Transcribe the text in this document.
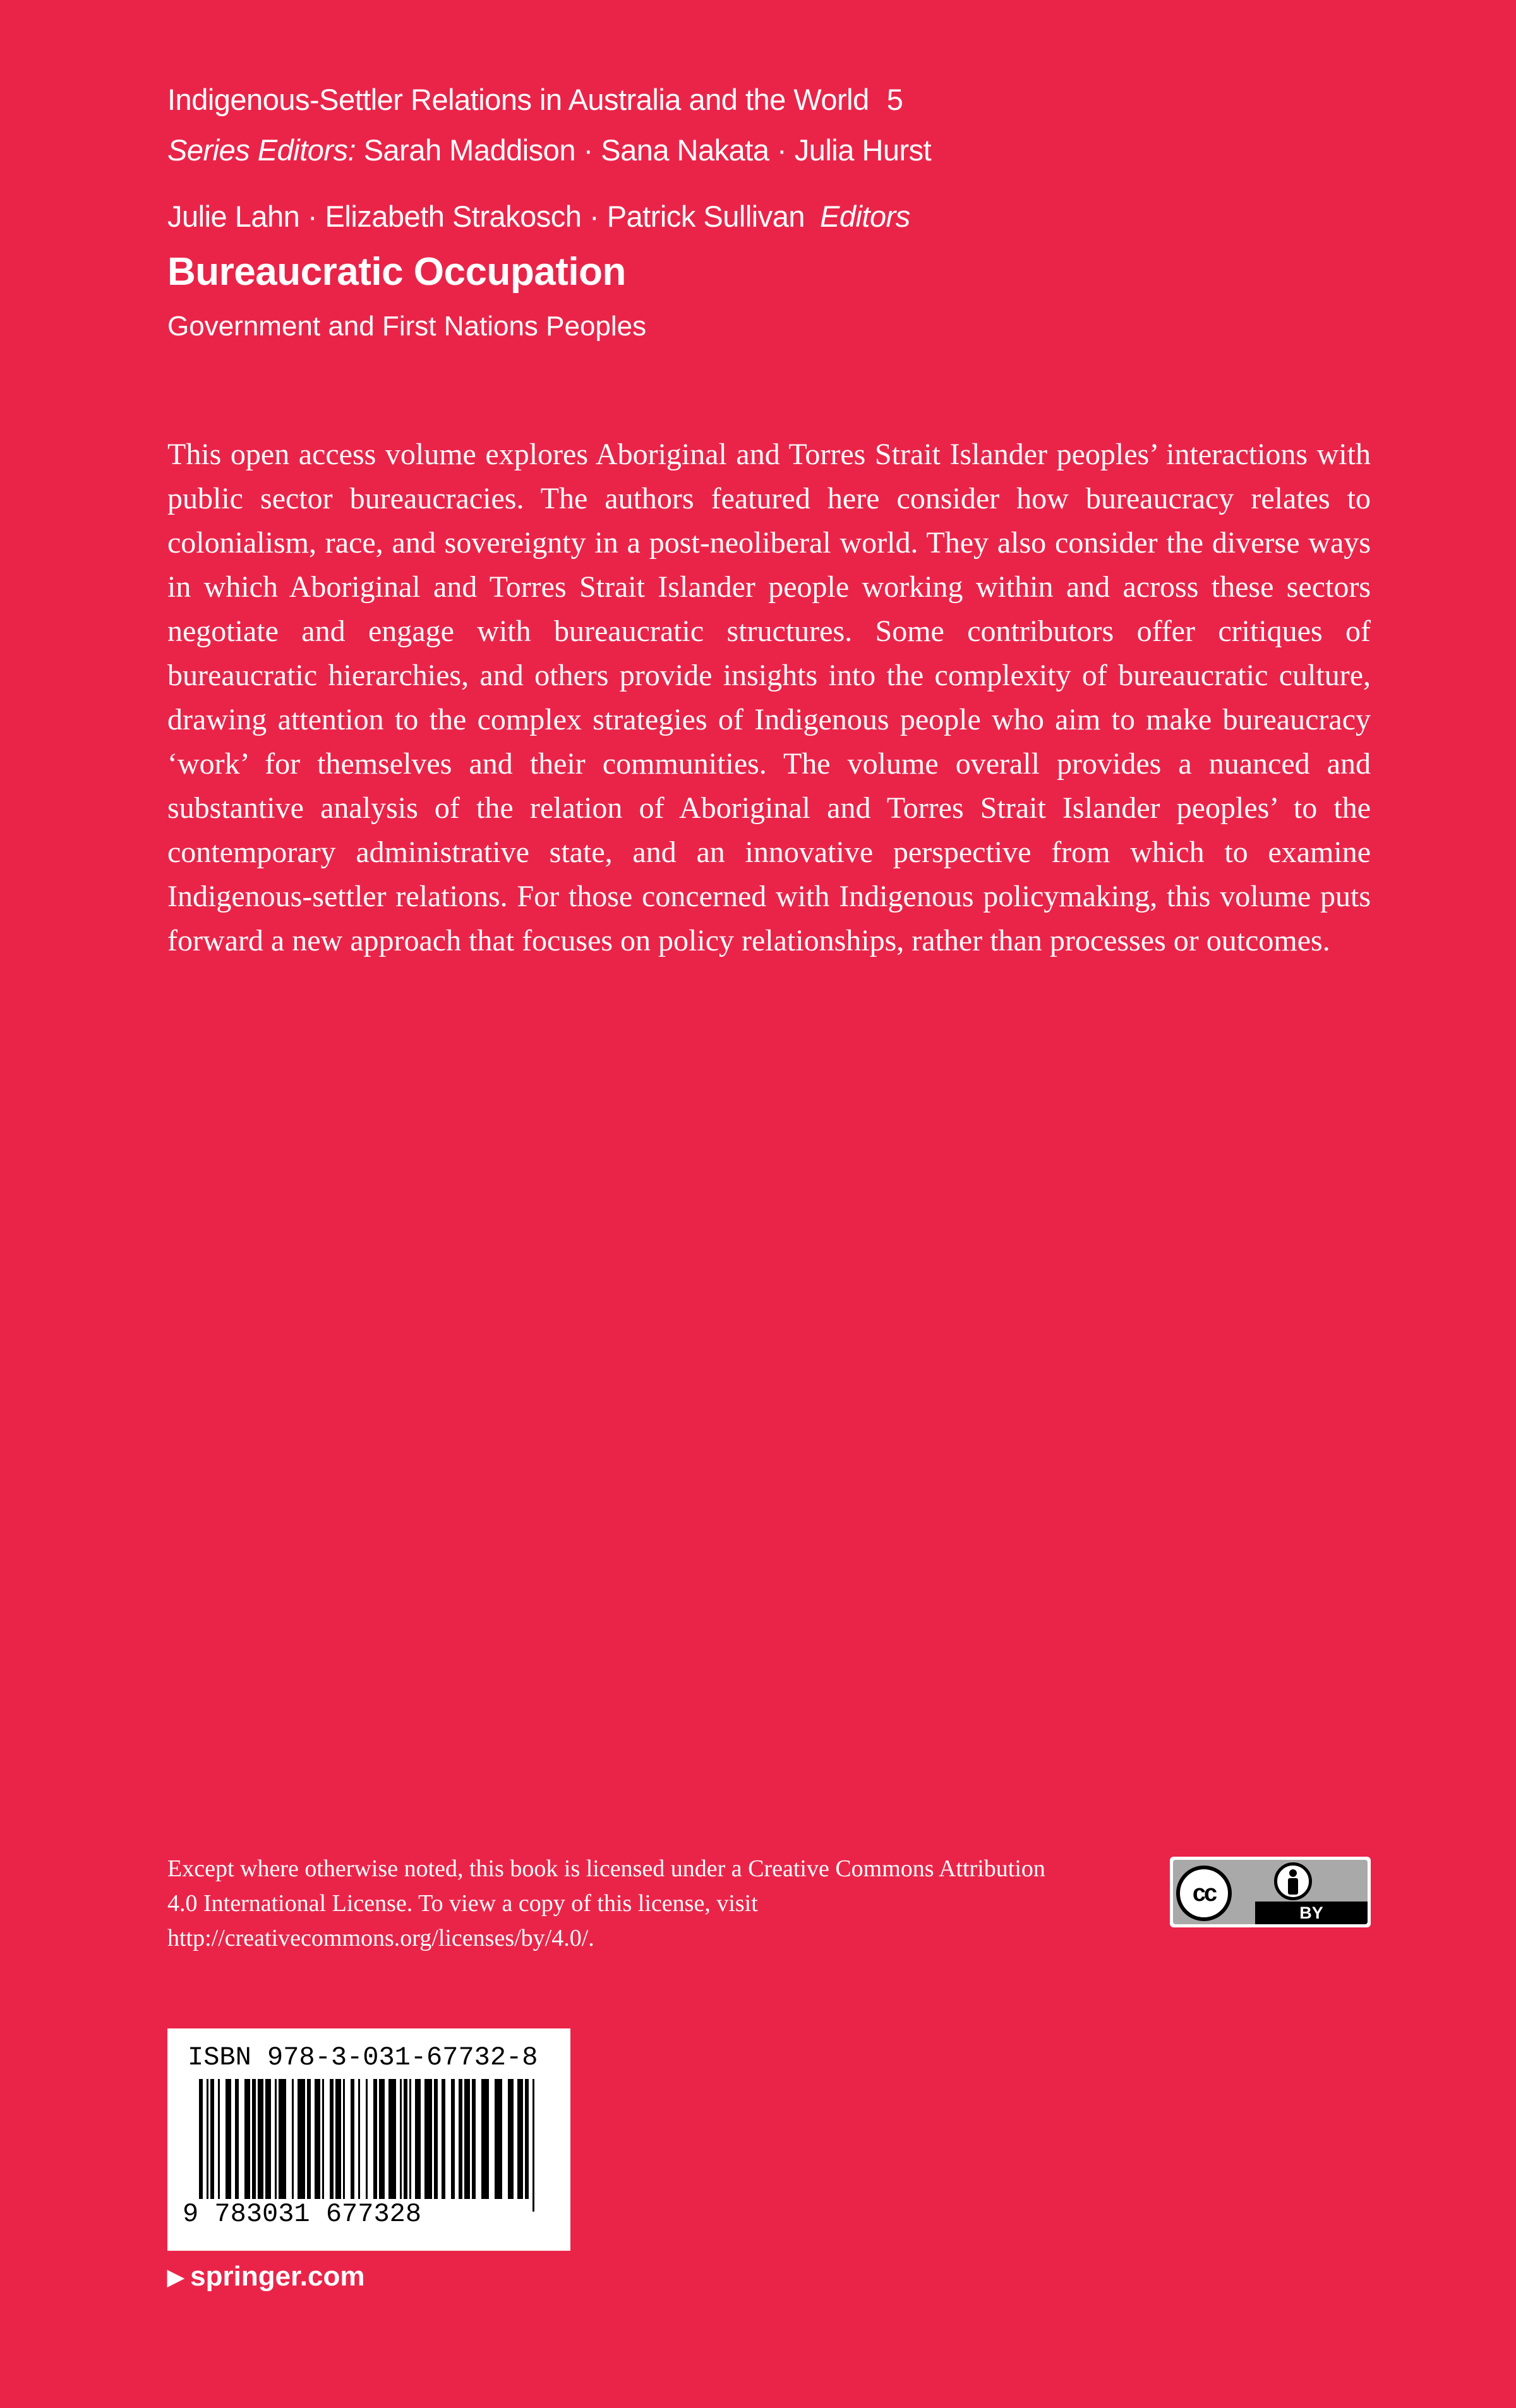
Indigenous-Settler Relations in Australia and the World 5
Series Editors: Sarah Maddison · Sana Nakata · Julia Hurst
Julie Lahn · Elizabeth Strakosch · Patrick Sullivan Editors
Bureaucratic Occupation
Government and First Nations Peoples

This open access volume explores Aboriginal and Torres Strait Islander peoples’ interactions with public sector bureaucracies. The authors featured here consider how bureaucracy relates to colonialism, race, and sovereignty in a post-neoliberal world. They also consider the diverse ways in which Aboriginal and Torres Strait Islander people working within and across these sectors negotiate and engage with bureaucratic structures. Some contributors offer critiques of bureaucratic hierarchies, and others provide insights into the complexity of bureaucratic culture, drawing attention to the complex strategies of Indigenous people who aim to make bureaucracy ‘work’ for themselves and their communities. The volume overall provides a nuanced and substantive analysis of the relation of Aboriginal and Torres Strait Islander peoples’ to the contemporary administrative state, and an innovative perspective from which to examine Indigenous-settler relations. For those concerned with Indigenous policymaking, this volume puts forward a new approach that focuses on policy relationships, rather than processes or outcomes.

Except where otherwise noted, this book is licensed under a Creative Commons Attribution 4.0 International License. To view a copy of this license, visit http://creativecommons.org/licenses/by/4.0/.

cc
BY
ISBN 978-3-031-67732-8
9 783031 677328
▶ springer.com
